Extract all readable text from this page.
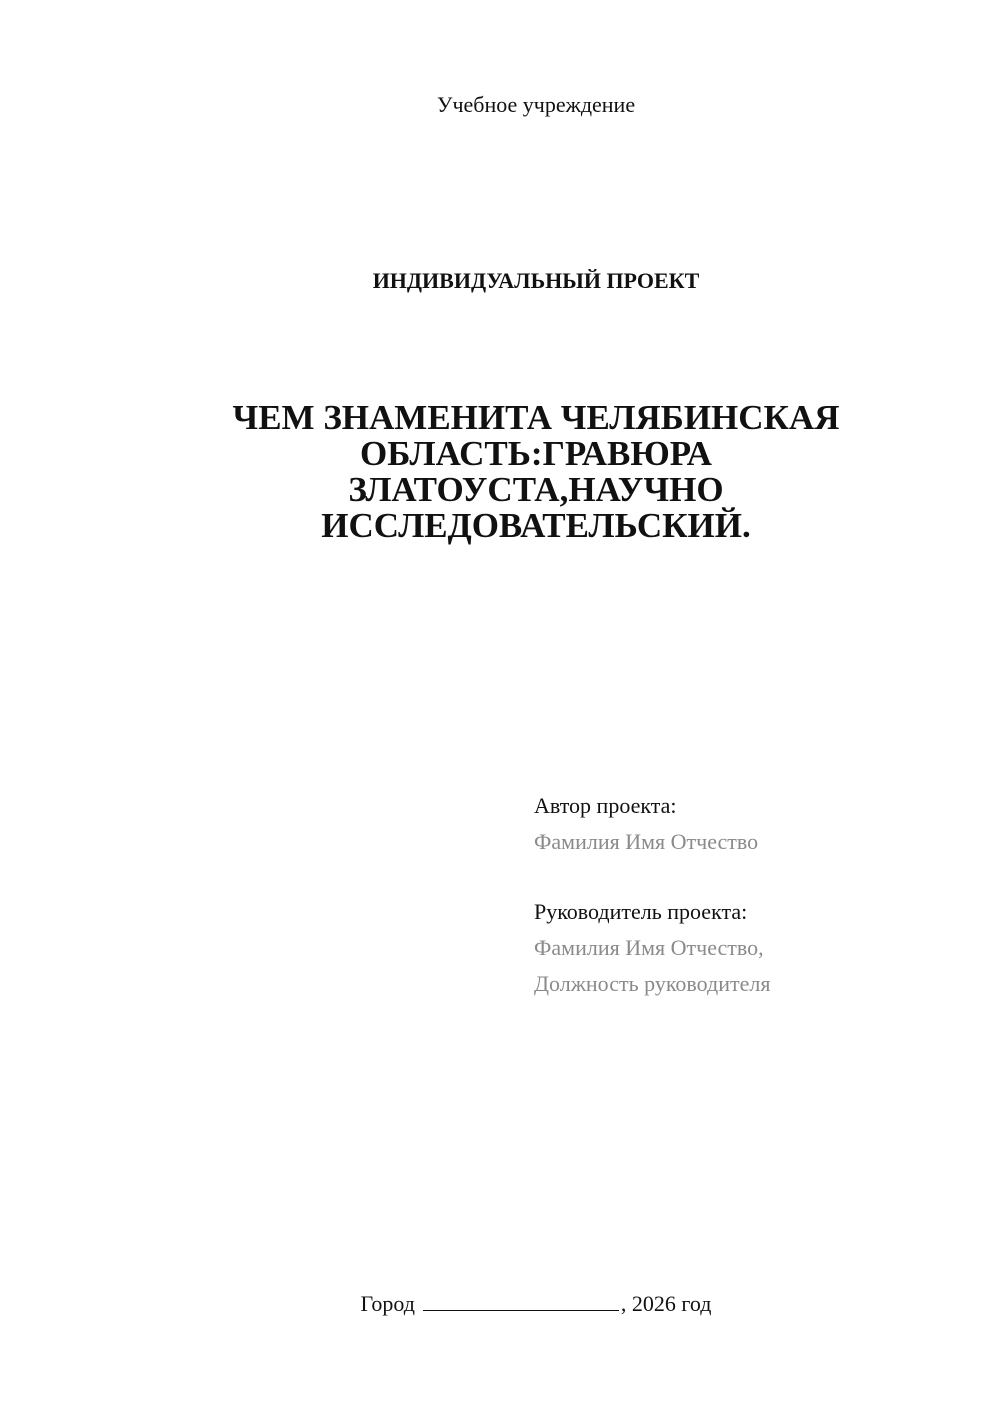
Учебное учреждение
ИНДИВИДУАЛЬНЫЙ ПРОЕКТ
ЧЕМ ЗНАМЕНИТА ЧЕЛЯБИНСКАЯ
ОБЛАСТЬ:ГРАВЮРА
ЗЛАТОУСТА,НАУЧНО
ИССЛЕДОВАТЕЛЬСКИЙ.
Автор проекта:
Фамилия Имя Отчество
Руководитель проекта:
Фамилия Имя Отчество,
Должность руководителя
Город	, 2026 год
